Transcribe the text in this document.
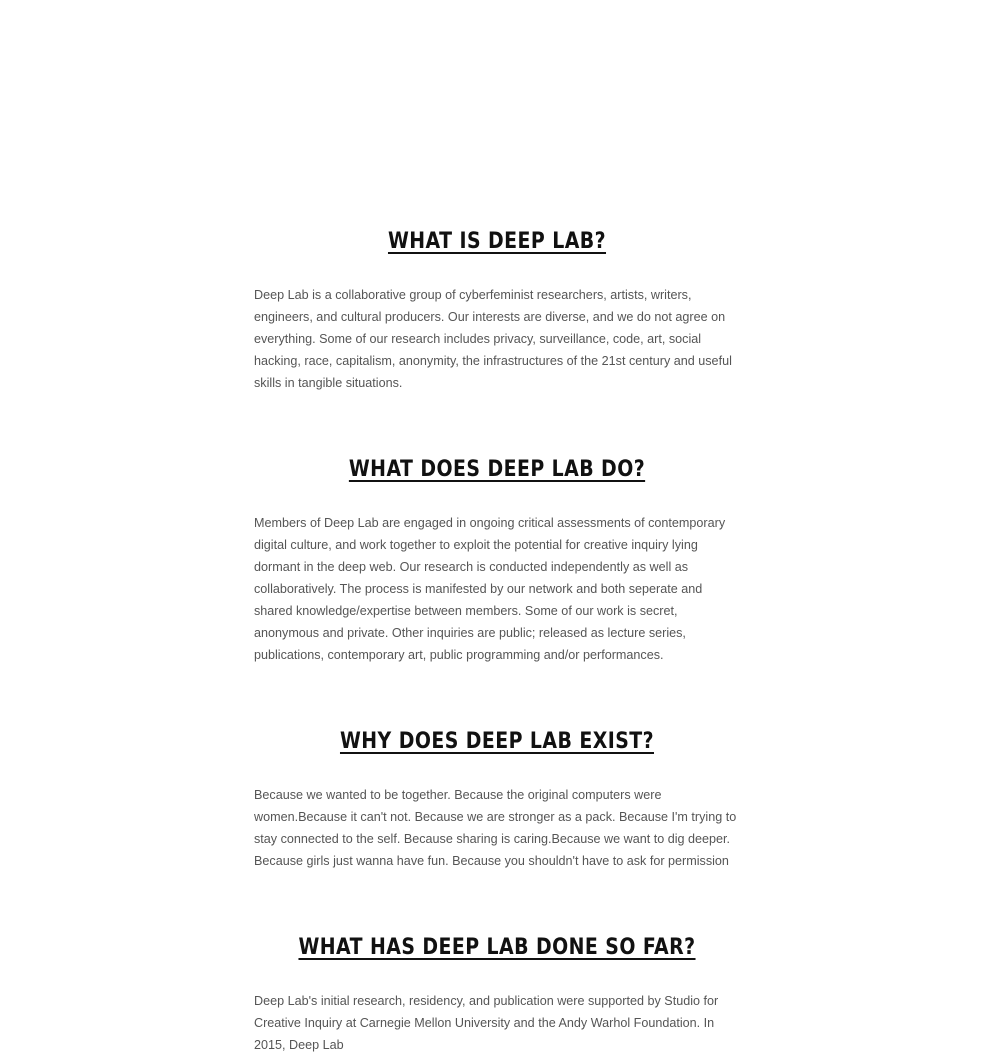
WHAT IS DEEP LAB?

Deep Lab is a collaborative group of cyberfeminist researchers, artists, writers, engineers, and cultural producers. Our interests are diverse, and we do not agree on everything. Some of our research includes privacy, surveillance, code, art, social hacking, race, capitalism, anonymity, the infrastructures of the 21st century and useful skills in tangible situations.

WHAT DOES DEEP LAB DO?

Members of Deep Lab are engaged in ongoing critical assessments of contemporary digital culture, and work together to exploit the potential for creative inquiry lying dormant in the deep web. Our research is conducted independently as well as collaboratively. The process is manifested by our network and both seperate and shared knowledge/expertise between members. Some of our work is secret, anonymous and private. Other inquiries are public; released as lecture series, publications, contemporary art, public programming and/or performances.

WHY DOES DEEP LAB EXIST?

Because we wanted to be together. Because the original computers were women.Because it can't not. Because we are stronger as a pack. Because I'm trying to stay connected to the self. Because sharing is caring.Because we want to dig deeper. Because girls just wanna have fun. Because you shouldn't have to ask for permission

WHAT HAS DEEP LAB DONE SO FAR?

Deep Lab's initial research, residency, and publication were supported by Studio for Creative Inquiry at Carnegie Mellon University and the Andy Warhol Foundation. In 2015, Deep Lab
